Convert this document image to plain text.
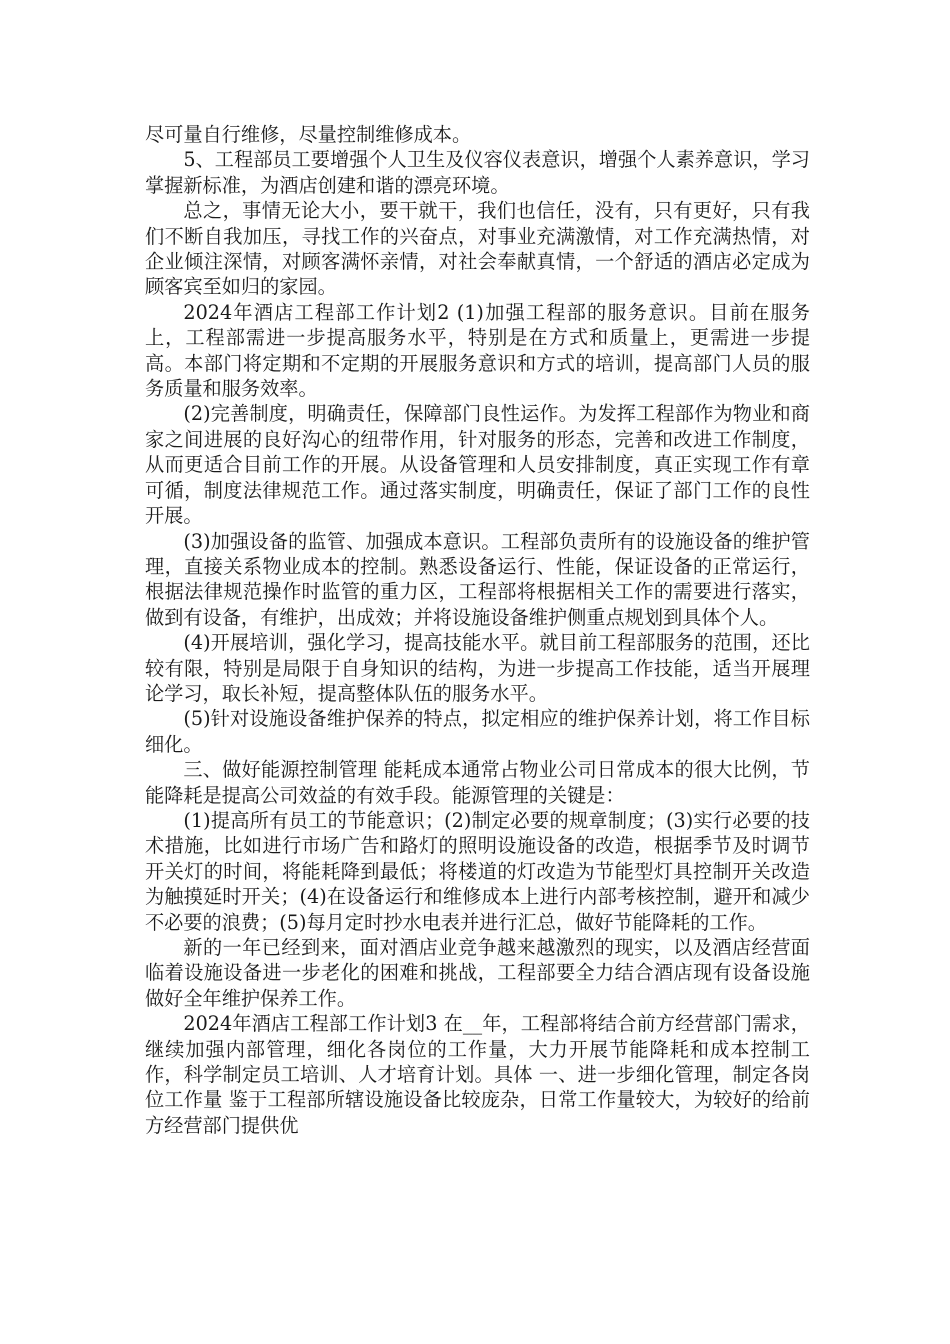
尽可量自行维修，尽量控制维修成本。

5、工程部员工要增强个人卫生及仪容仪表意识，增强个人素养意识，学习掌握新标准，为酒店创建和谐的漂亮环境。

总之，事情无论大小，要干就干，我们也信任，没有，只有更好，只有我们不断自我加压，寻找工作的兴奋点，对事业充满激情，对工作充满热情，对企业倾注深情，对顾客满怀亲情，对社会奉献真情，一个舒适的酒店必定成为顾客宾至如归的家园。

2024年酒店工程部工作计划2 (1)加强工程部的服务意识。目前在服务上，工程部需进一步提高服务水平，特别是在方式和质量上，更需进一步提高。本部门将定期和不定期的开展服务意识和方式的培训，提高部门人员的服务质量和服务效率。

(2)完善制度，明确责任，保障部门良性运作。为发挥工程部作为物业和商家之间进展的良好沟心的纽带作用，针对服务的形态，完善和改进工作制度，从而更适合目前工作的开展。从设备管理和人员安排制度，真正实现工作有章可循，制度法律规范工作。通过落实制度，明确责任，保证了部门工作的良性开展。

(3)加强设备的监管、加强成本意识。工程部负责所有的设施设备的维护管理，直接关系物业成本的控制。熟悉设备运行、性能，保证设备的正常运行，根据法律规范操作时监管的重力区，工程部将根据相关工作的需要进行落实，做到有设备，有维护，出成效；并将设施设备维护侧重点规划到具体个人。

(4)开展培训，强化学习，提高技能水平。就目前工程部服务的范围，还比较有限，特别是局限于自身知识的结构，为进一步提高工作技能，适当开展理论学习，取长补短，提高整体队伍的服务水平。

(5)针对设施设备维护保养的特点，拟定相应的维护保养计划，将工作目标细化。

三、做好能源控制管理 能耗成本通常占物业公司日常成本的很大比例，节能降耗是提高公司效益的有效手段。能源管理的关键是：

(1)提高所有员工的节能意识；(2)制定必要的规章制度；(3)实行必要的技术措施，比如进行市场广告和路灯的照明设施设备的改造，根据季节及时调节开关灯的时间，将能耗降到最低；将楼道的灯改造为节能型灯具控制开关改造为触摸延时开关；(4)在设备运行和维修成本上进行内部考核控制，避开和减少不必要的浪费；(5)每月定时抄水电表并进行汇总，做好节能降耗的工作。

新的一年已经到来，面对酒店业竞争越来越激烈的现实，以及酒店经营面临着设施设备进一步老化的困难和挑战，工程部要全力结合酒店现有设备设施做好全年维护保养工作。

2024年酒店工程部工作计划3 在__年，工程部将结合前方经营部门需求，继续加强内部管理，细化各岗位的工作量，大力开展节能降耗和成本控制工作，科学制定员工培训、人才培育计划。具体 一、进一步细化管理，制定各岗位工作量 鉴于工程部所辖设施设备比较庞杂，日常工作量较大，为较好的给前方经营部门提供优
